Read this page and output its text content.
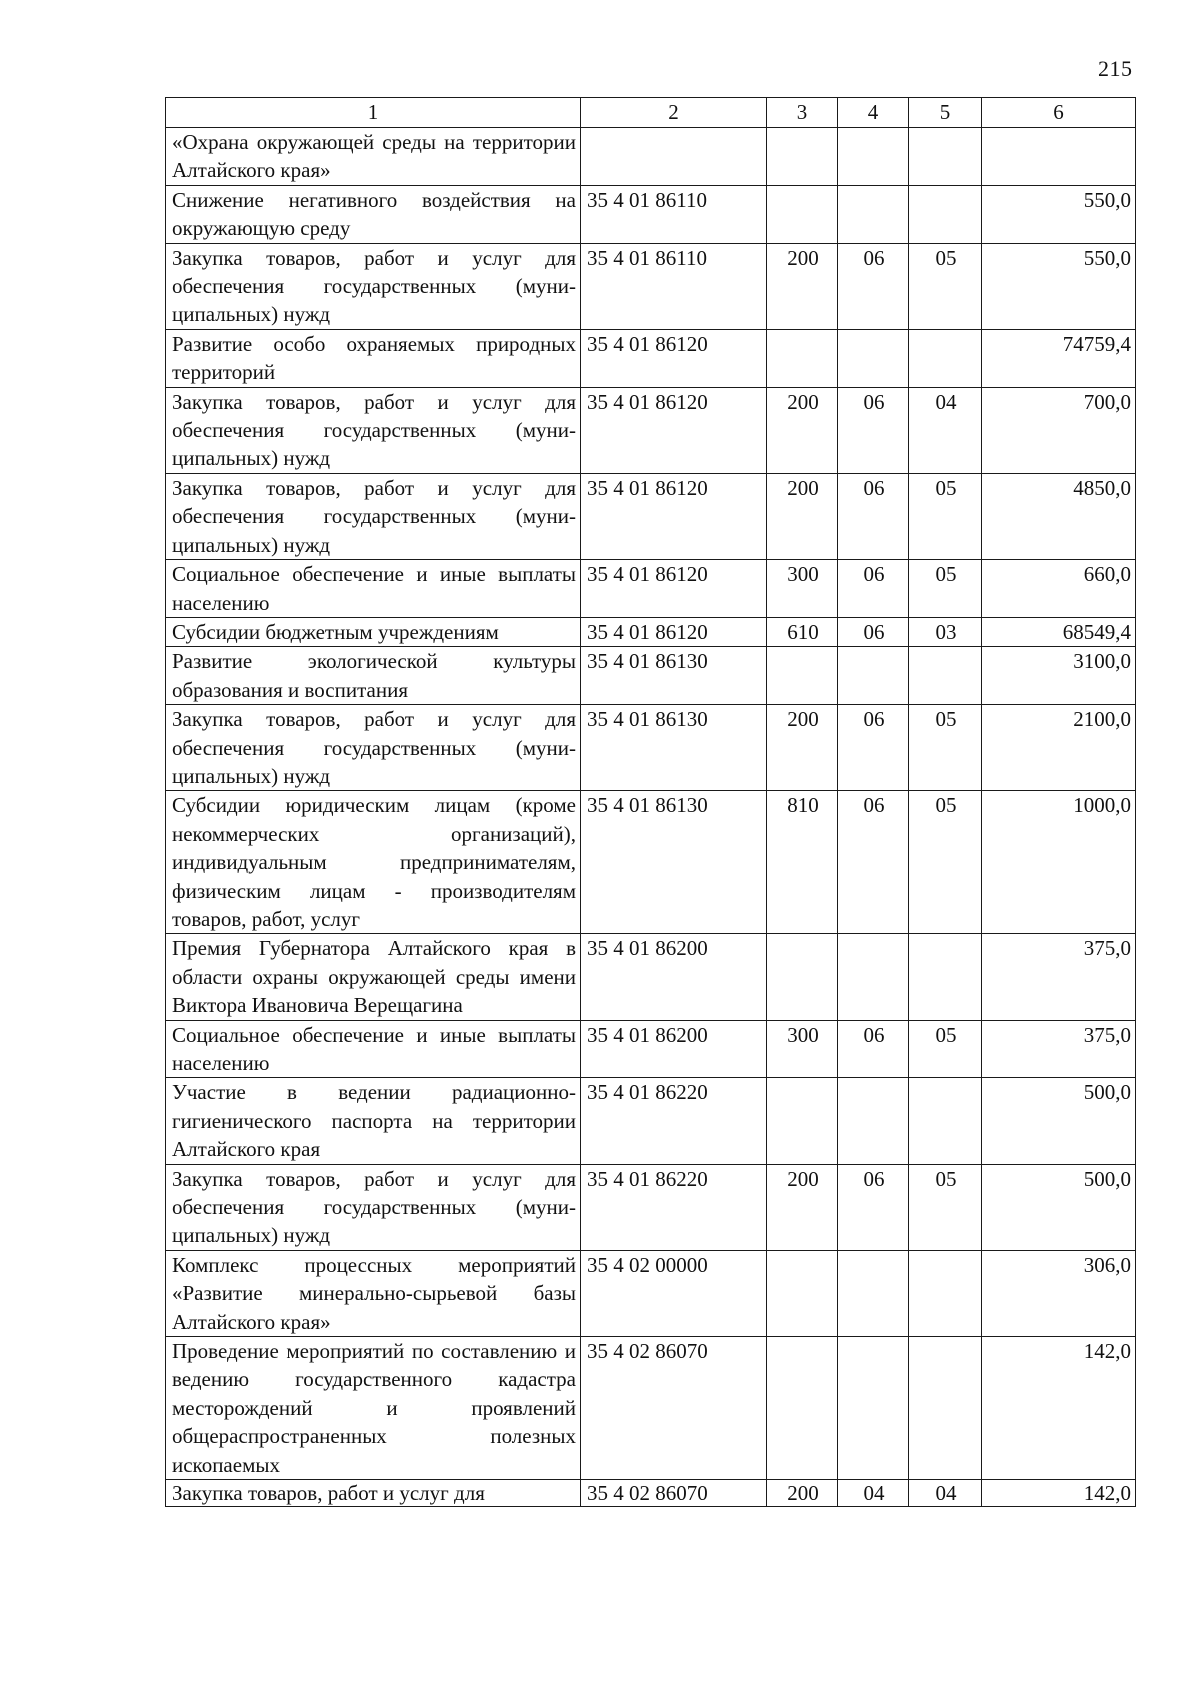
215
1	2	3	4	5	6
«Охрана окружающей среды на территории Алтайского края»					
Снижение негативного воздействия на окружающую среду	35 4 01 86110				550,0
Закупка товаров, работ и услуг для обеспечения государственных (муниципальных) нужд	35 4 01 86110	200	06	05	550,0
Развитие особо охраняемых природных территорий	35 4 01 86120				74759,4
Закупка товаров, работ и услуг для обеспечения государственных (муниципальных) нужд	35 4 01 86120	200	06	04	700,0
Закупка товаров, работ и услуг для обеспечения государственных (муниципальных) нужд	35 4 01 86120	200	06	05	4850,0
Социальное обеспечение и иные выплаты населению	35 4 01 86120	300	06	05	660,0
Субсидии бюджетным учреждениям	35 4 01 86120	610	06	03	68549,4
Развитие экологической культуры образования и воспитания	35 4 01 86130				3100,0
Закупка товаров, работ и услуг для обеспечения государственных (муниципальных) нужд	35 4 01 86130	200	06	05	2100,0
Субсидии юридическим лицам (кроме некоммерческих организаций), индивидуальным предпринимателям, физическим лицам - производителям товаров, работ, услуг	35 4 01 86130	810	06	05	1000,0
Премия Губернатора Алтайского края в области охраны окружающей среды имени Виктора Ивановича Верещагина	35 4 01 86200				375,0
Социальное обеспечение и иные выплаты населению	35 4 01 86200	300	06	05	375,0
Участие в ведении радиационно-гигиенического паспорта на территории Алтайского края	35 4 01 86220				500,0
Закупка товаров, работ и услуг для обеспечения государственных (муниципальных) нужд	35 4 01 86220	200	06	05	500,0
Комплекс процессных мероприятий «Развитие минерально-сырьевой базы Алтайского края»	35 4 02 00000				306,0
Проведение мероприятий по составлению и ведению государственного кадастра месторождений и проявлений общераспространенных полезных ископаемых	35 4 02 86070				142,0
Закупка товаров, работ и услуг для	35 4 02 86070	200	04	04	142,0
